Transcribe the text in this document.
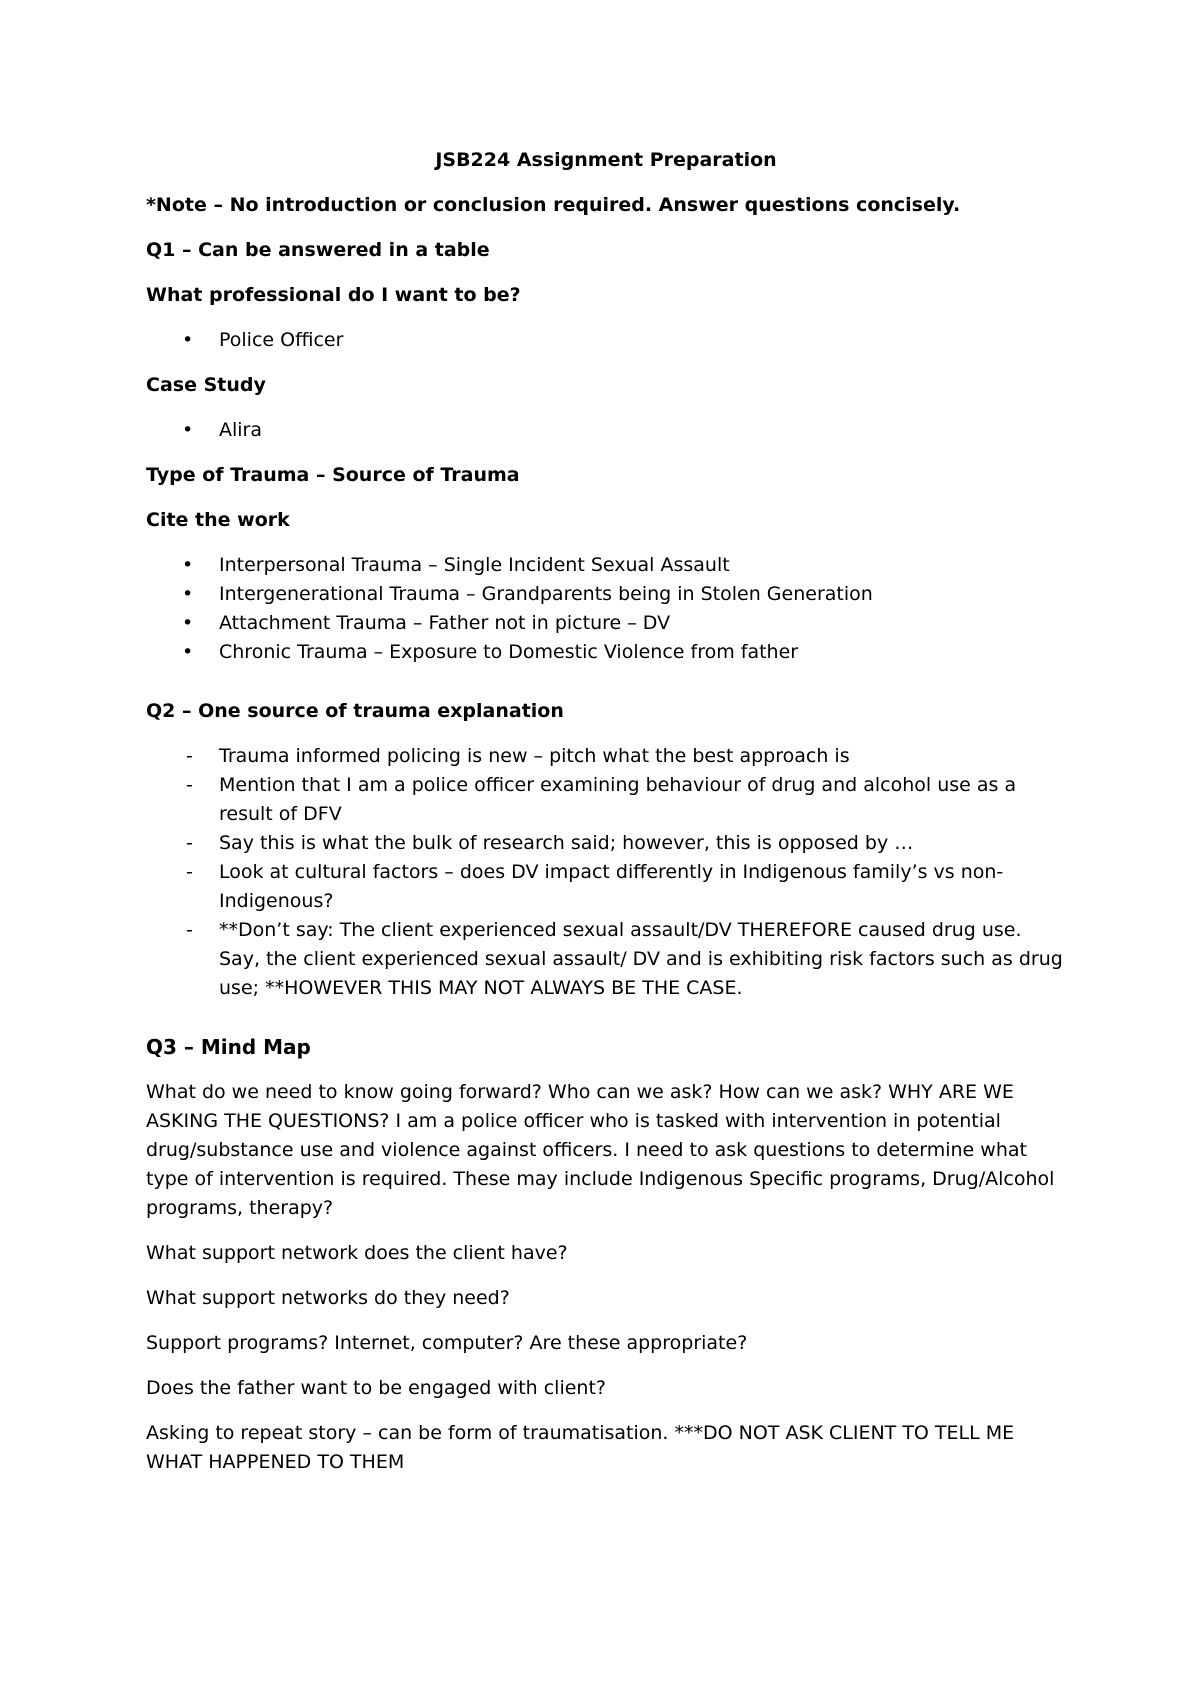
JSB224 Assignment Preparation
*Note – No introduction or conclusion required. Answer questions concisely.
Q1 – Can be answered in a table
What professional do I want to be?
• Police Officer
Case Study
• Alira
Type of Trauma – Source of Trauma
Cite the work
• Interpersonal Trauma – Single Incident Sexual Assault
• Intergenerational Trauma – Grandparents being in Stolen Generation
• Attachment Trauma – Father not in picture – DV
• Chronic Trauma – Exposure to Domestic Violence from father
Q2 – One source of trauma explanation
- Trauma informed policing is new – pitch what the best approach is
- Mention that I am a police officer examining behaviour of drug and alcohol use as a result of DFV
- Say this is what the bulk of research said; however, this is opposed by …
- Look at cultural factors – does DV impact differently in Indigenous family’s vs non-Indigenous?
- **Don’t say: The client experienced sexual assault/DV THEREFORE caused drug use. Say, the client experienced sexual assault/ DV and is exhibiting risk factors such as drug use; **HOWEVER THIS MAY NOT ALWAYS BE THE CASE.
Q3 – Mind Map
What do we need to know going forward? Who can we ask? How can we ask? WHY ARE WE ASKING THE QUESTIONS? I am a police officer who is tasked with intervention in potential drug/substance use and violence against officers. I need to ask questions to determine what type of intervention is required. These may include Indigenous Specific programs, Drug/Alcohol programs, therapy?
What support network does the client have?
What support networks do they need?
Support programs? Internet, computer? Are these appropriate?
Does the father want to be engaged with client?
Asking to repeat story – can be form of traumatisation. ***DO NOT ASK CLIENT TO TELL ME WHAT HAPPENED TO THEM
